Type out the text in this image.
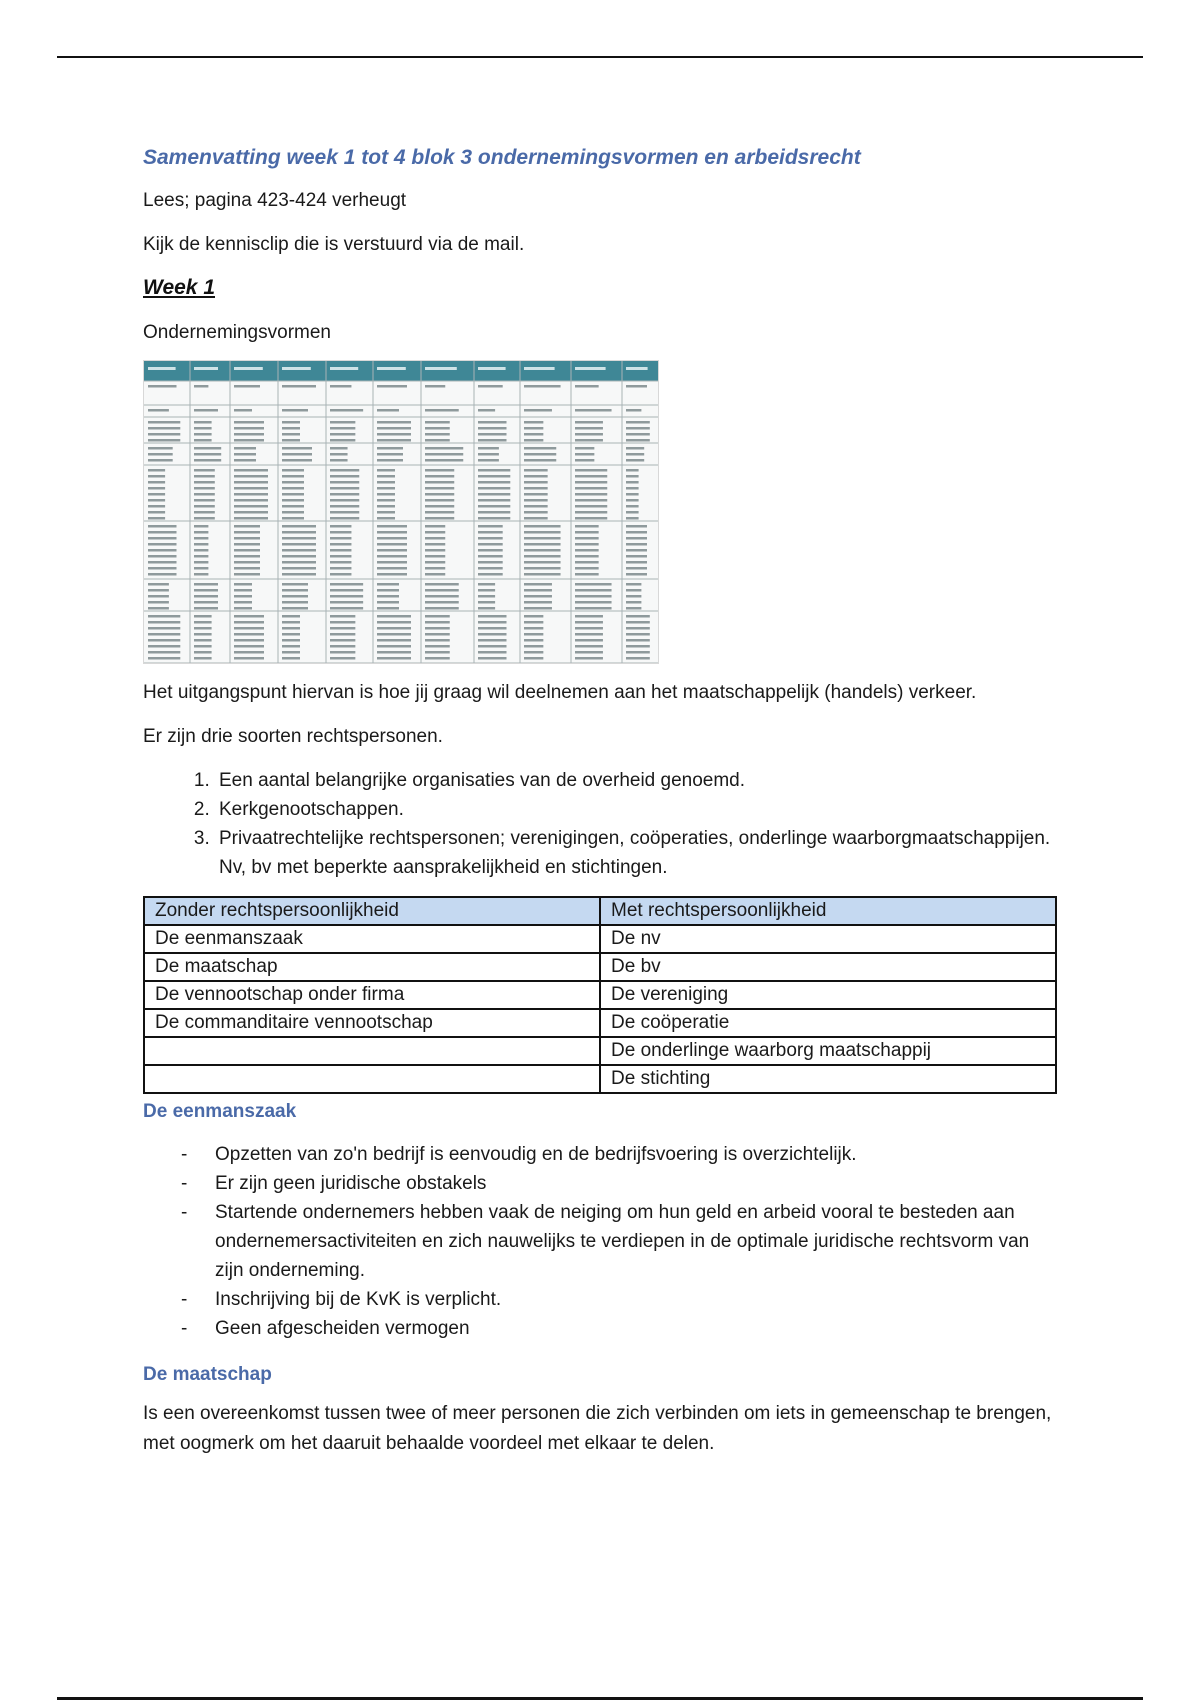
Samenvatting week 1 tot 4 blok 3 ondernemingsvormen en arbeidsrecht

Lees; pagina 423-424 verheugt

Kijk de kennisclip die is verstuurd via de mail.

Week 1

Ondernemingsvormen

Het uitgangspunt hiervan is hoe jij graag wil deelnemen aan het maatschappelijk (handels) verkeer.

Er zijn drie soorten rechtspersonen.

1. Een aantal belangrijke organisaties van de overheid genoemd.
2. Kerkgenootschappen.
3. Privaatrechtelijke rechtspersonen; verenigingen, coöperaties, onderlinge waarborgmaatschappijen. Nv, bv met beperkte aansprakelijkheid en stichtingen.
Zonder rechtspersoonlijkheid	Met rechtspersoonlijkheid
De eenmanszaak	De nv
De maatschap	De bv
De vennootschap onder firma	De vereniging
De commanditaire vennootschap	De coöperatie
	De onderlinge waarborg maatschappij
	De stichting
De eenmanszaak
- Opzetten van zo'n bedrijf is eenvoudig en de bedrijfsvoering is overzichtelijk.
- Er zijn geen juridische obstakels
- Startende ondernemers hebben vaak de neiging om hun geld en arbeid vooral te besteden aan ondernemersactiviteiten en zich nauwelijks te verdiepen in de optimale juridische rechtsvorm van zijn onderneming.
- Inschrijving bij de KvK is verplicht.
- Geen afgescheiden vermogen
De maatschap

Is een overeenkomst tussen twee of meer personen die zich verbinden om iets in gemeenschap te brengen, met oogmerk om het daaruit behaalde voordeel met elkaar te delen.
